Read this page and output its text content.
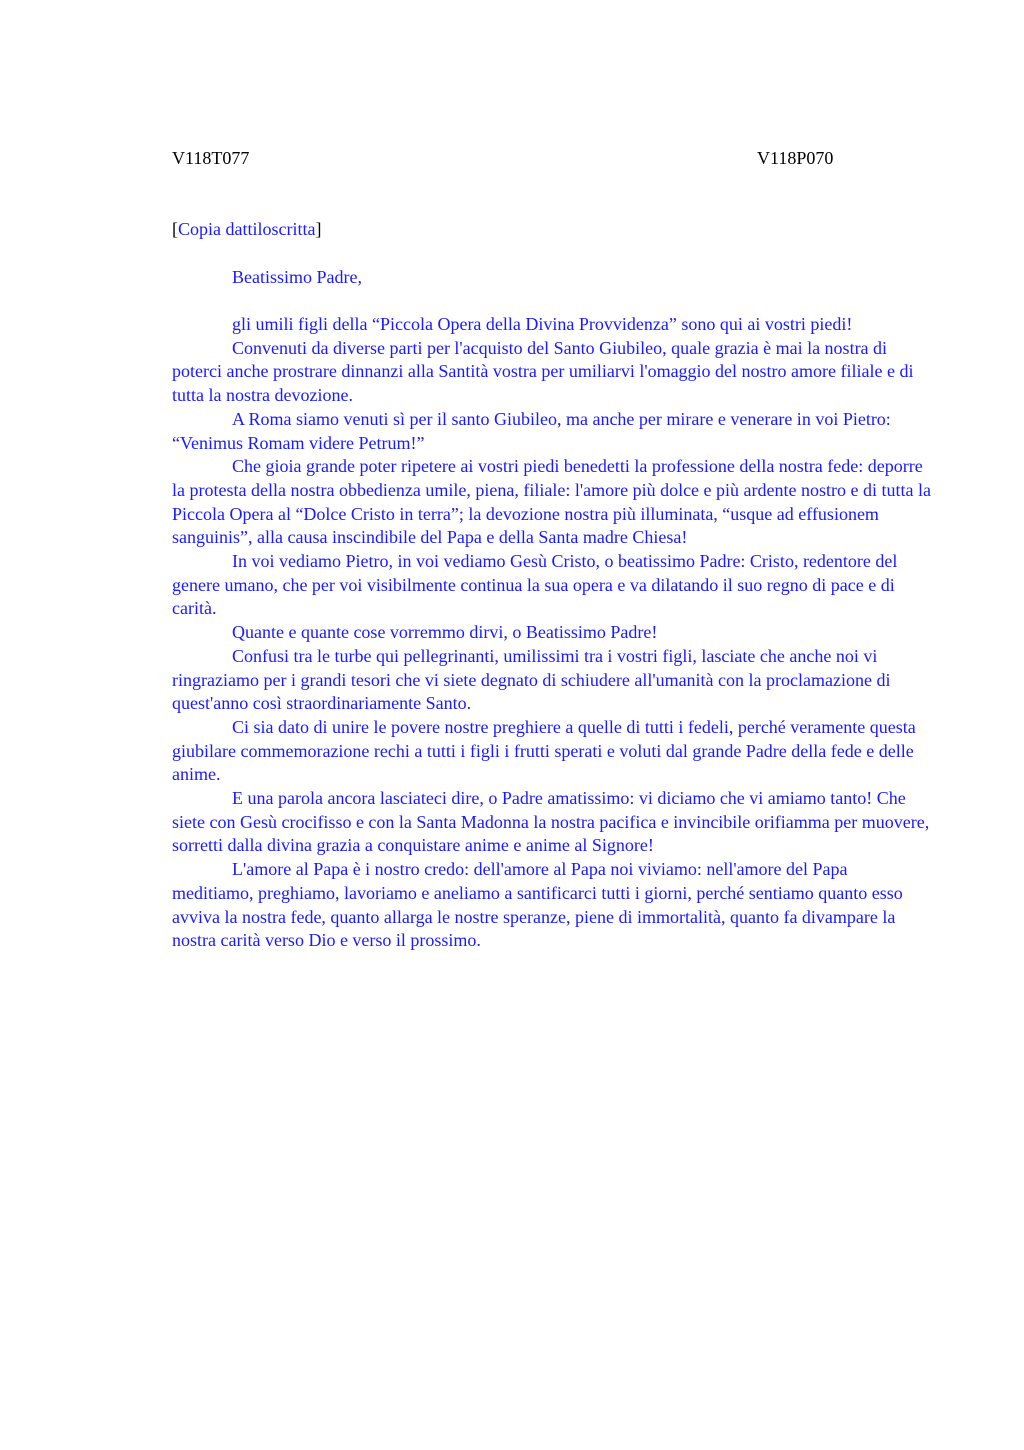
V118T077	V118P070

[Copia dattiloscritta]

Beatissimo Padre,

gli umili figli della “Piccola Opera della Divina Provvidenza” sono qui ai vostri piedi!

Convenuti da diverse parti per l'acquisto del Santo Giubileo, quale grazia è mai la nostra di poterci anche prostrare dinnanzi alla Santità vostra per umiliarvi l'omaggio del nostro amore filiale e di tutta la nostra devozione.

A Roma siamo venuti sì per il santo Giubileo, ma anche per mirare e venerare in voi Pietro: “Venimus Romam videre Petrum!”

Che gioia grande poter ripetere ai vostri piedi benedetti la professione della nostra fede: deporre la protesta della nostra obbedienza umile, piena, filiale: l'amore più dolce e più ardente nostro e di tutta la Piccola Opera al “Dolce Cristo in terra”; la devozione nostra più illuminata, “usque ad effusionem sanguinis”, alla causa inscindibile del Papa e della Santa madre Chiesa!

In voi vediamo Pietro, in voi vediamo Gesù Cristo, o beatissimo Padre: Cristo, redentore del genere umano, che per voi visibilmente continua la sua opera e va dilatando il suo regno di pace e di carità.

Quante e quante cose vorremmo dirvi, o Beatissimo Padre!

Confusi tra le turbe qui pellegrinanti, umilissimi tra i vostri figli, lasciate che anche noi vi ringraziamo per i grandi tesori che vi siete degnato di schiudere all'umanità con la proclamazione di quest'anno così straordinariamente Santo.

Ci sia dato di unire le povere nostre preghiere a quelle di tutti i fedeli, perché veramente questa giubilare commemorazione rechi a tutti i figli i frutti sperati e voluti dal grande Padre della fede e delle anime.

E una parola ancora lasciateci dire, o Padre amatissimo: vi diciamo che vi amiamo tanto! Che siete con Gesù crocifisso e con la Santa Madonna la nostra pacifica e invincibile orifiamma per muovere, sorretti dalla divina grazia a conquistare anime e anime al Signore!

L'amore al Papa è i nostro credo: dell'amore al Papa noi viviamo: nell'amore del Papa meditiamo, preghiamo, lavoriamo e aneliamo a santificarci tutti i giorni, perché sentiamo quanto esso avviva la nostra fede, quanto allarga le nostre speranze, piene di immortalità, quanto fa divampare la nostra carità verso Dio e verso il prossimo.
